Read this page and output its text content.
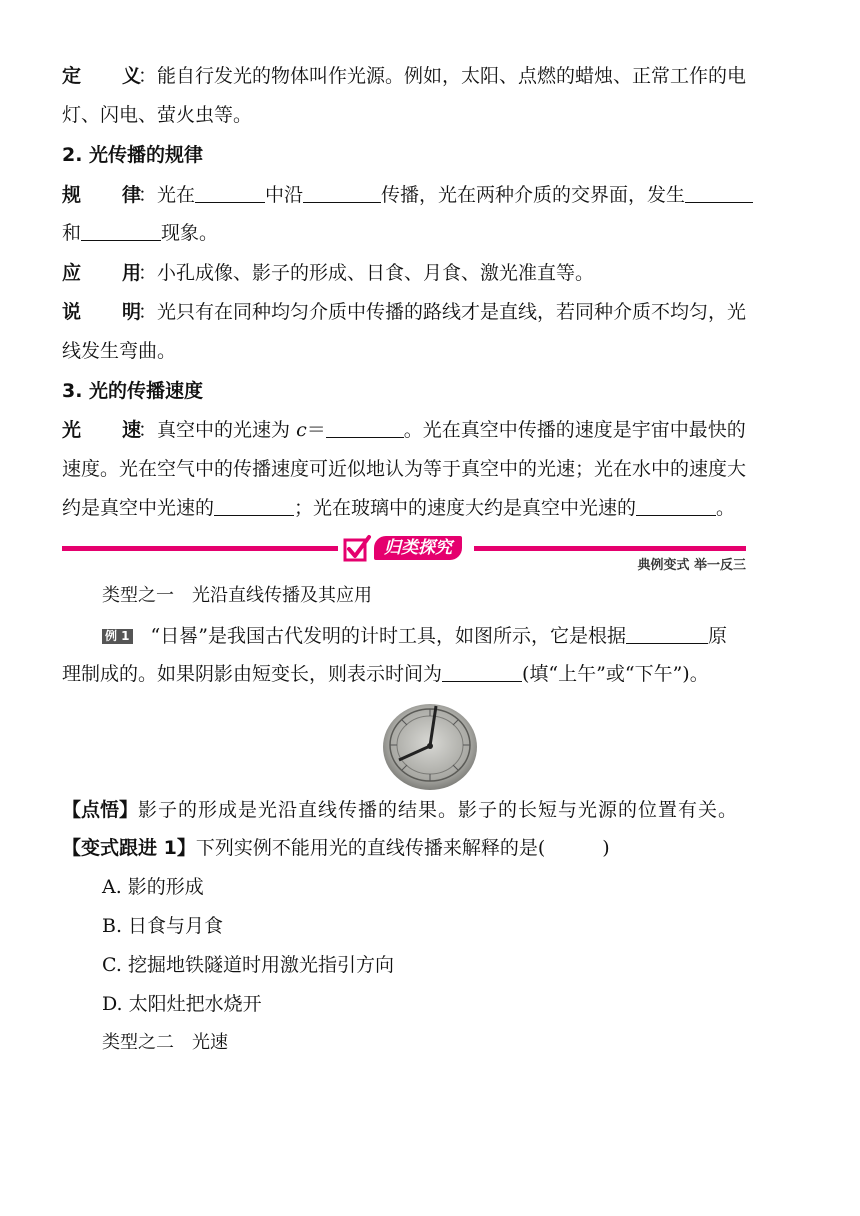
定 义：能自行发光的物体叫作光源。例如，太阳、点燃的蜡烛、正常工作的电
灯、闪电、萤火虫等。
2. 光传播的规律
规 律：光在	中沿	传播，光在两种介质的交界面，发生
和	现象。
应 用：小孔成像、影子的形成、日食、月食、激光准直等。
说 明：光只有在同种均匀介质中传播的路线才是直线，若同种介质不均匀，光
线发生弯曲。
3. 光的传播速度
光 速：真空中的光速为 c＝	。光在真空中传播的速度是宇宙中最快的
速度。光在空气中的传播速度可近似地认为等于真空中的光速；光在水中的速度大
约是真空中光速的	；光在玻璃中的速度大约是真空中光速的	。
归类探究
典例变式 举一反三
类型之一　光沿直线传播及其应用
例 1 “日晷”是我国古代发明的计时工具，如图所示，它是根据	原
理制成的。如果阴影由短变长，则表示时间为	(填“上午”或“下午”)。
【点悟】影子的形成是光沿直线传播的结果。影子的长短与光源的位置有关。
【变式跟进 1】下列实例不能用光的直线传播来解释的是(　　　)
A. 影的形成
B. 日食与月食
C. 挖掘地铁隧道时用激光指引方向
D. 太阳灶把水烧开
类型之二　光速
